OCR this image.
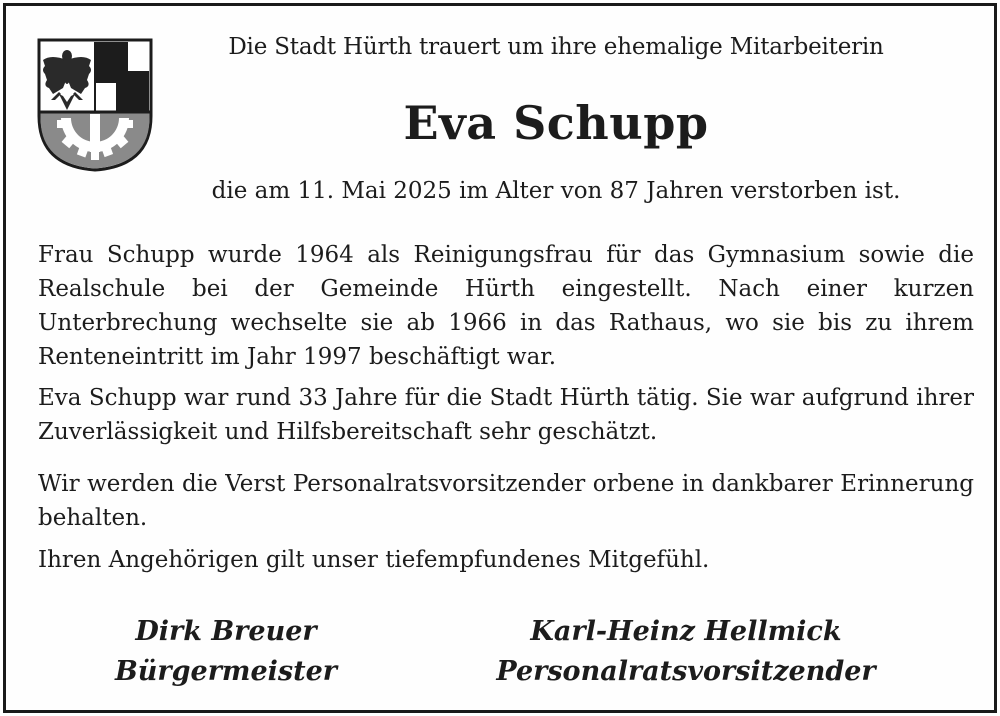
Die Stadt Hürth trauert um ihre ehemalige Mitarbeiterin
Eva Schupp
die am 11. Mai 2025 im Alter von 87 Jahren verstorben ist.

Frau Schupp wurde 1964 als Reinigungsfrau für das Gymnasium sowie die Realschule bei der Gemeinde Hürth eingestellt. Nach einer kurzen Unterbrechung wechselte sie ab 1966 in das Rathaus, wo sie bis zu ihrem Renteneintritt im Jahr 1997 beschäftigt war.

Eva Schupp war rund 33 Jahre für die Stadt Hürth tätig. Sie war aufgrund ihrer Zuverlässigkeit und Hilfsbereitschaft sehr geschätzt.

Wir werden die Verst Personalratsvorsitzender orbene in dankbarer Erinnerung behalten.

Ihren Angehörigen gilt unser tiefempfundenes Mitgefühl.

Dirk Breuer
Bürgermeister
Karl-Heinz Hellmick
Personalratsvorsitzender
